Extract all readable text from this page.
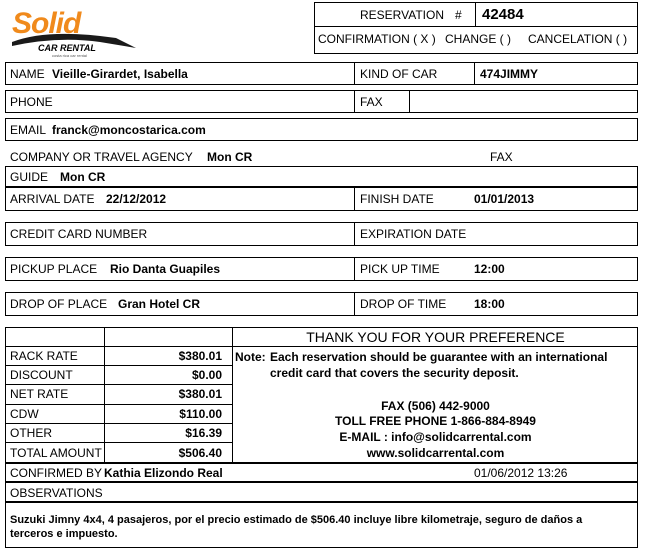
Solid
CAR RENTAL
costa rica car rental
RESERVATION # 42484
CONFIRMATION ( X ) CHANGE ( ) CANCELATION ( )
NAME Vieille-Girardet, Isabella	KIND OF CAR	474JIMMY
PHONE	FAX
EMAIL franck@moncostarica.com
COMPANY OR TRAVEL AGENCY Mon CR	FAX
GUIDE Mon CR
ARRIVAL DATE 22/12/2012	FINISH DATE	01/01/2013
CREDIT CARD NUMBER	EXPIRATION DATE
PICKUP PLACE Rio Danta Guapiles	PICK UP TIME	12:00
DROP OF PLACE Gran Hotel CR	DROP OF TIME 18:00
RACK RATE	$380.01
DISCOUNT	$0.00
NET RATE	$380.01
CDW	$110.00
OTHER	$16.39
TOTAL AMOUNT	$506.40
THANK YOU FOR YOUR PREFERENCE
Note: Each reservation should be guarantee with an international
credit card that covers the security deposit.
FAX (506) 442-9000
TOLL FREE PHONE 1-866-884-8949
E-MAIL : info@solidcarrental.com
www.solidcarrental.com
CONFIRMED BY Kathia Elizondo Real	01/06/2012 13:26
OBSERVATIONS
Suzuki Jimny 4x4, 4 pasajeros, por el precio estimado de $506.40 incluye libre kilometraje, seguro de daños a
terceros e impuesto.
